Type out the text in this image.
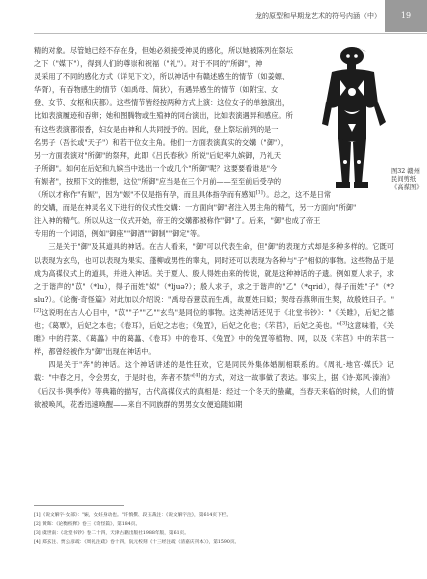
龙的原型和早期龙艺术的符号内涵（中）	19

精的对象。尽管她已经不存在身，但她必须接受神灵的感化，所以她被陈列在祭坛

之下（"媒下"），得到人们的尊崇和祝福（"礼"）。对于不同的"所御"，神

灵采用了不同的感化方式（详见下文），所以神话中有赣述感生的情节（如姜嫄、

华胥），有吞物感生的情节（如禹母、简狄），有遇异感生的情节（如附宝、女

登、女节、女枢和庆都）。这些情节皆经按两种方式上演：这位女子的单独演出，

比如表演履迹和吞卵；她和图腾物或生殖神的同台演出，比如表演遇异和感应。所

有这些表演都很香，妇女是由神和人共同授予的。因此，登上祭坛前列的是一

名男子（吾长或"天子"）和若干位女主角。他们一方面表演真实的交媾（"御"），

另一方面表演对"所御"的祭拜，此即《吕氏春秋》所说"后妃率九嫔御，乃礼天

子所御"。如何在后妃和九嫔当中选出一个或几个"所御"呢？这要要看谁是"今	图32 赣州民间剪纸《高禖图》

有娠者"，按照下文的推想，这位"所御"应当是在三个月前——至至前后受孕的

（所以才称作"有娠"，因为"娠"不仅是指有孕，而且具体指孕而有感知[1]）。总之，这不是日常

的交媾，而是在神灵名义下进行的仪式性交媾：一方面向"御"者注入男主角的精气，另一方面向"所御"

注入神的精气。所以从这一仪式开始，帝王的交媾都被称作"御"了。后来，"御"也成了帝王

专用的一个词语，例如"御座""御酒""御制""御定"等。

三是关于"御"及其道具的神话。在古人看来，"御"可以代表生命，但"御"的表现方式却是多种多样的。它既可以表现为玄鸟，也可以表现为果实、蓬柳或男性的睾丸，同时还可以表现为各种与"子"相似的事物。这些物品于是成为高禖仪式上的道具，并进入神话。关于夏人、殷人得姓由来的传说，就是这种神话的子遗。例如夏人求子，求之于谐声的"苡"（*lu），得子而姓"姒"（*ljuə?）；殷人求子，求之于谐声的"乙"（*qrid），得子而姓"子"（*?slu?）。《论衡·奇怪篇》对此加以介绍说："禹母吞薏苡而生禹，故夏姓曰姒；契母吞燕卵而生契，故殷姓曰子。"[2]这说明在古人心目中，"苡""子""乙""玄鸟"是同位的事物。这类神话还见于《北堂书钞》："《关睢》，后妃之德也；《葛覃》，后妃之本也；《卷耳》，后妃之志也；《兔罝》，后妃之化也；《芣苢》，后妃之美也。"[3]这意味着，《关睢》中的荇菜、《葛藟》中的葛藟、《卷耳》中的卷耳、《兔罝》中的兔罝等植物、网，以及《芣苢》中的芣苢一样，都曾经被作为"御"出现在神话中。

四是关于"奔"的神话。这个神话讲述的是性狂欢，它是同民外集体婚制相联系的。《周礼·地官·媒氏》记载："中春之月，令会男女，于是时也，奔者不禁"[4]的方式，对这一故事做了表达。事实上，据《诗·郑风·溱洧》《后汉书·舆季传》等典籍的描写，古代高禖仪式的真相是：经过一个冬天的蛰藏，当春天来临的时候，人们的情欲被唤风，花香迅速唤醒——来自不同族群的男男女女便追随如期

[1]《说文解字·女部》："娠，女妊身动也。"许慎撰、段玉裁注：《说文解字注》，第614页下栏。
[2] 黄晖：《论衡校释》卷三《奇怪篇》，第184页。
[3] 虞世南：《北堂书钞》卷二十四，天津古籍出版社1988年版，第61页。
[4] 郑玄注、贾公彦疏：《周礼注疏》卷十四，阮元校刻《十三经注疏（清嘉庆刊本）》，第1590页。
